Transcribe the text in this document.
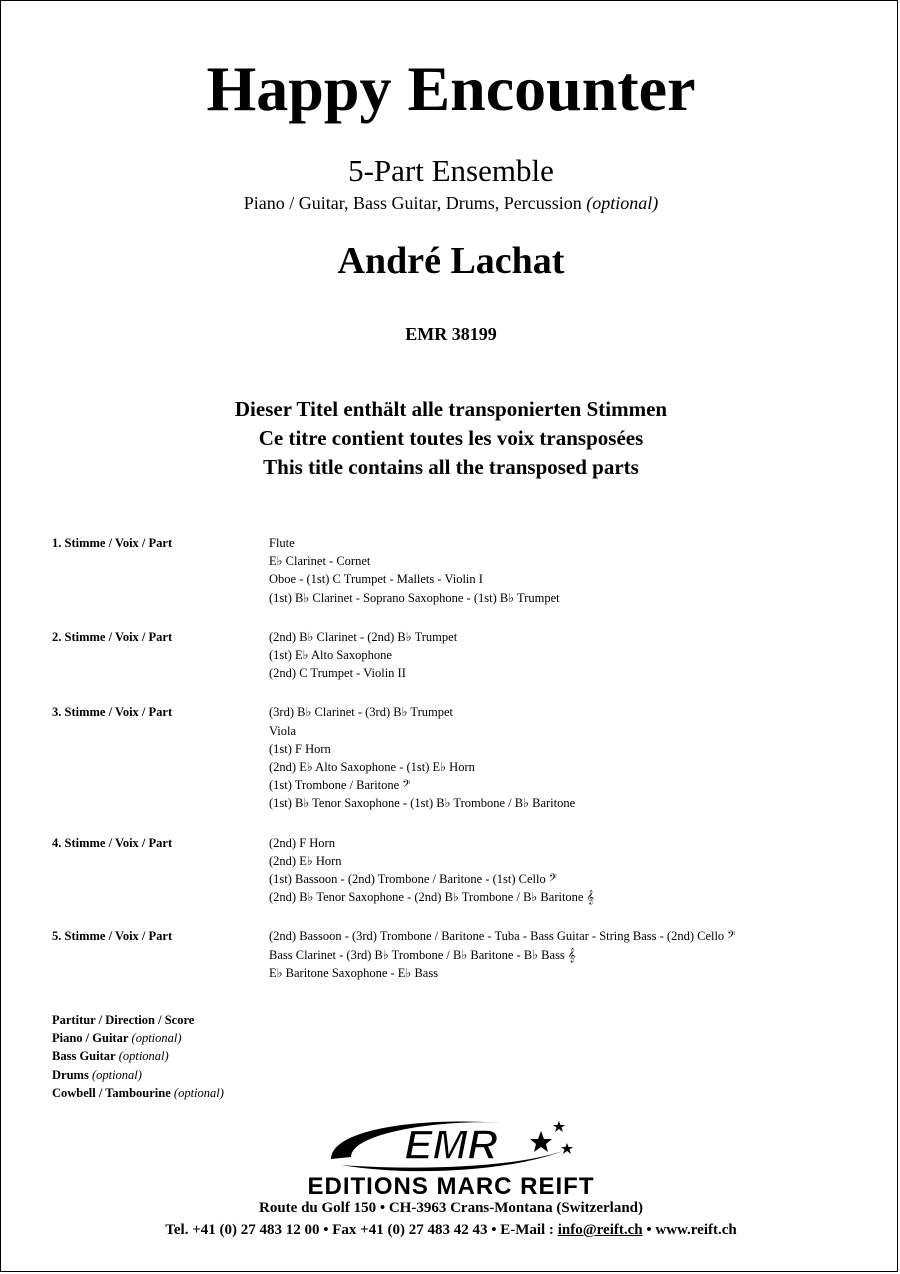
Happy Encounter
5-Part Ensemble
Piano / Guitar, Bass Guitar, Drums, Percussion (optional)
André Lachat
EMR 38199
Dieser Titel enthält alle transponierten Stimmen
Ce titre contient toutes les voix transposées
This title contains all the transposed parts
1. Stimme / Voix / Part	Flute
E♭ Clarinet - Cornet
Oboe - (1st) C Trumpet - Mallets - Violin I
(1st) B♭ Clarinet - Soprano Saxophone - (1st) B♭ Trumpet
2. Stimme / Voix / Part	(2nd) B♭ Clarinet - (2nd) B♭ Trumpet
(1st) E♭ Alto Saxophone
(2nd) C Trumpet - Violin II
3. Stimme / Voix / Part	(3rd) B♭ Clarinet - (3rd) B♭ Trumpet
Viola
(1st) F Horn
(2nd) E♭ Alto Saxophone - (1st) E♭ Horn
(1st) Trombone / Baritone 𝄢
(1st) B♭ Tenor Saxophone - (1st) B♭ Trombone / B♭ Baritone
4. Stimme / Voix / Part	(2nd) F Horn
(2nd) E♭ Horn
(1st) Bassoon - (2nd) Trombone / Baritone - (1st) Cello 𝄢
(2nd) B♭ Tenor Saxophone - (2nd) B♭ Trombone / B♭ Baritone 𝄞
5. Stimme / Voix / Part	(2nd) Bassoon - (3rd) Trombone / Baritone - Tuba - Bass Guitar - String Bass - (2nd) Cello 𝄢
Bass Clarinet - (3rd) B♭ Trombone / B♭ Baritone - B♭ Bass 𝄞
E♭ Baritone Saxophone - E♭ Bass
Partitur / Direction / Score
Piano / Guitar (optional)
Bass Guitar (optional)
Drums (optional)
Cowbell / Tambourine (optional)
EMR
EDITIONS MARC REIFT
Route du Golf 150 • CH-3963 Crans-Montana (Switzerland)
Tel. +41 (0) 27 483 12 00 • Fax +41 (0) 27 483 42 43 • E-Mail : info@reift.ch • www.reift.ch
